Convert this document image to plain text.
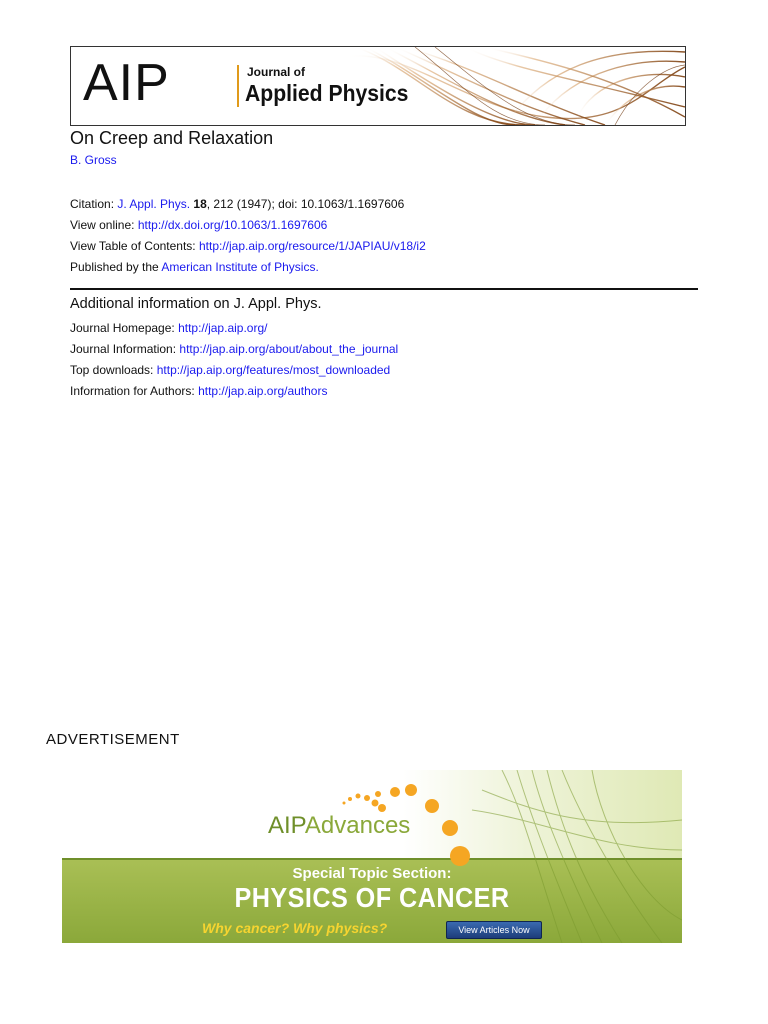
AIP	Journal of
Applied Physics
On Creep and Relaxation
B. Gross
Citation: J. Appl. Phys. 18, 212 (1947); doi: 10.1063/1.1697606
View online: http://dx.doi.org/10.1063/1.1697606
View Table of Contents: http://jap.aip.org/resource/1/JAPIAU/v18/i2
Published by the American Institute of Physics.
Additional information on J. Appl. Phys.
Journal Homepage: http://jap.aip.org/
Journal Information: http://jap.aip.org/about/about_the_journal
Top downloads: http://jap.aip.org/features/most_downloaded
Information for Authors: http://jap.aip.org/authors
ADVERTISEMENT
AIPAdvances
Special Topic Section:
PHYSICS OF CANCER
Why cancer? Why physics?	View Articles Now
